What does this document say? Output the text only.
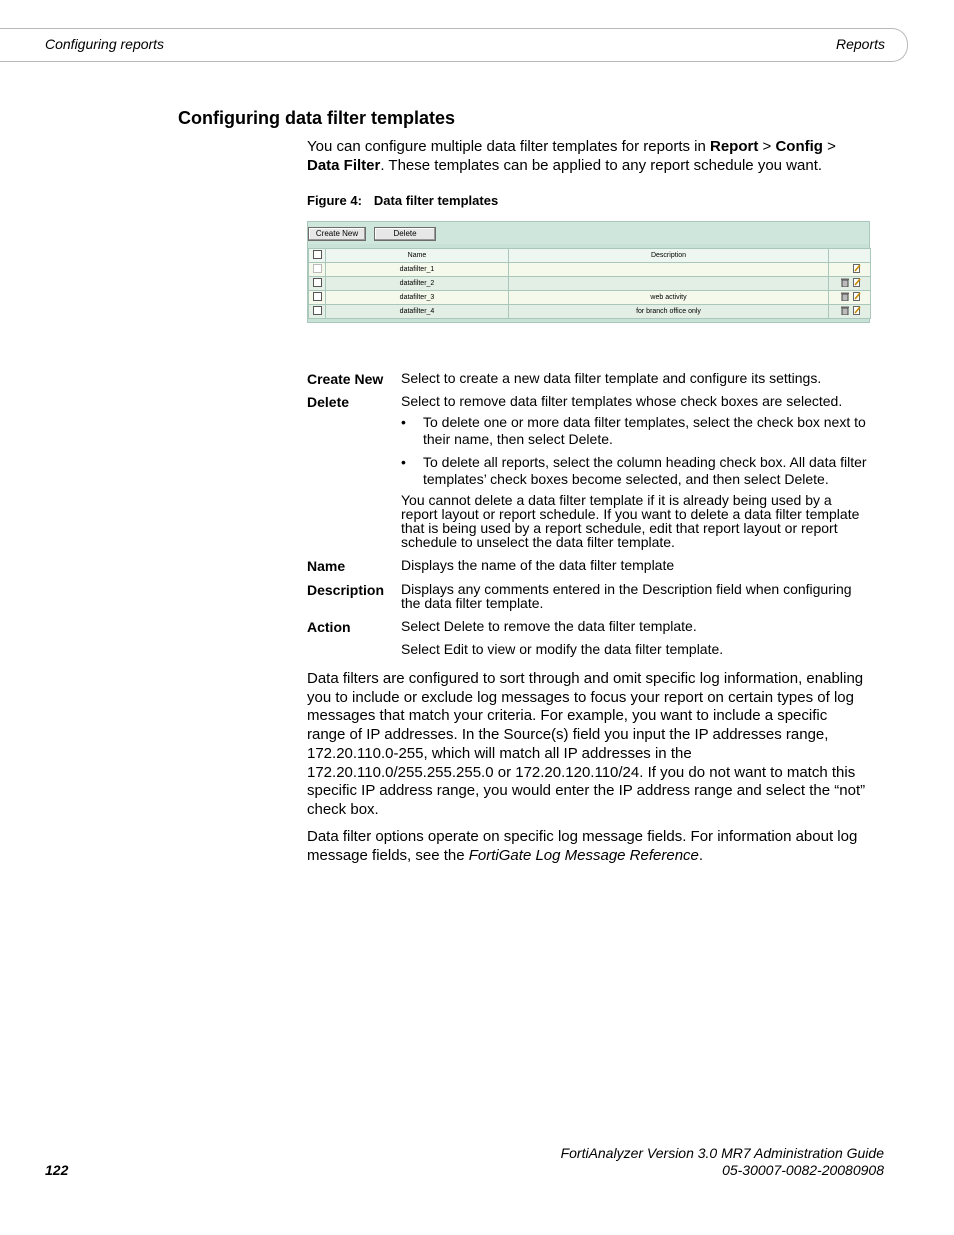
Configuring reports	Reports
Configuring data filter templates

You can configure multiple data filter templates for reports in Report > Config > Data Filter. These templates can be applied to any report schedule you want.

Figure 4: Data filter templates
Create New	Delete
	Name	Description	
	datafilter_1		
	datafilter_2		
	datafilter_3	web activity	
	datafilter_4	for branch office only	
Create New Select to create a new data filter template and configure its settings.
Delete	Select to remove data filter templates whose check boxes are selected.
• To delete one or more data filter templates, select the check box next to their name, then select Delete.
• To delete all reports, select the column heading check box. All data filter templates’ check boxes become selected, and then select Delete.
You cannot delete a data filter template if it is already being used by a report layout or report schedule. If you want to delete a data filter template that is being used by a report schedule, edit that report layout or report schedule to unselect the data filter template.
Name	Displays the name of the data filter template
Description Displays any comments entered in the Description field when configuring the data filter template.
Action	Select Delete to remove the data filter template.
Select Edit to view or modify the data filter template.

Data filters are configured to sort through and omit specific log information, enabling you to include or exclude log messages to focus your report on certain types of log messages that match your criteria. For example, you want to include a specific range of IP addresses. In the Source(s) field you input the IP addresses range, 172.20.110.0-255, which will match all IP addresses in the 172.20.110.0/255.255.255.0 or 172.20.120.110/24. If you do not want to match this specific IP address range, you would enter the IP address range and select the “not” check box.

Data filter options operate on specific log message fields. For information about log message fields, see the FortiGate Log Message Reference.

122
FortiAnalyzer Version 3.0 MR7 Administration Guide
05-30007-0082-20080908
